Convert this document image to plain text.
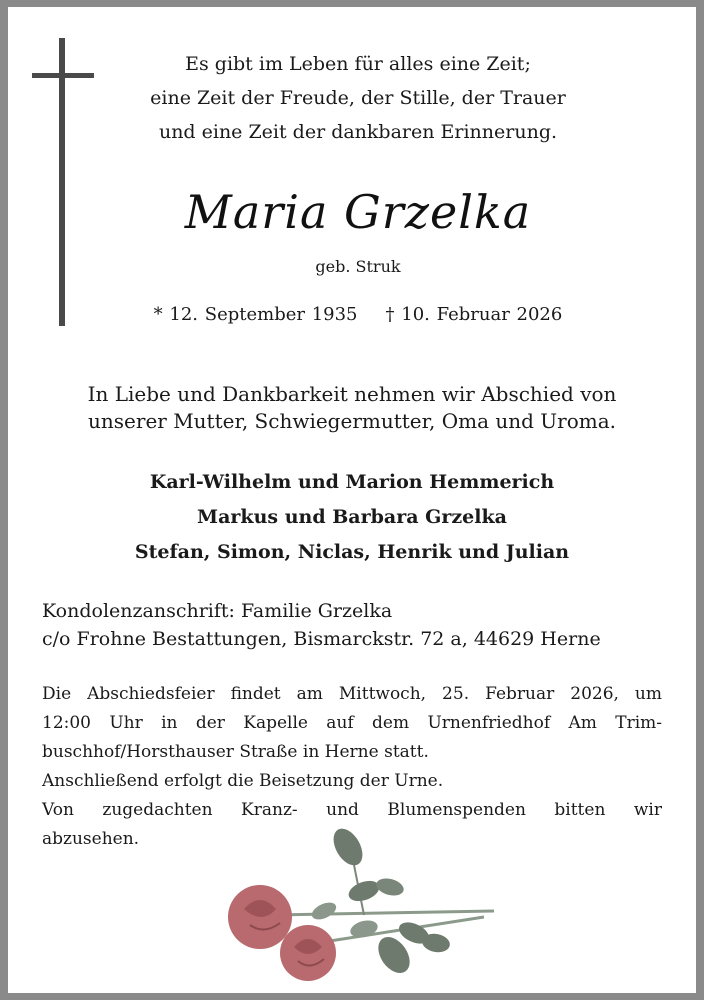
Es gibt im Leben für alles eine Zeit;
eine Zeit der Freude, der Stille, der Trauer
und eine Zeit der dankbaren Erinnerung.
Maria Grzelka
geb. Struk
* 12. September 1935 † 10. Februar 2026
In Liebe und Dankbarkeit nehmen wir Abschied von
unserer Mutter, Schwiegermutter, Oma und Uroma.
Karl-Wilhelm und Marion Hemmerich
Markus und Barbara Grzelka
Stefan, Simon, Niclas, Henrik und Julian
Kondolenzanschrift: Familie Grzelka
c/o Frohne Bestattungen, Bismarckstr. 72 a, 44629 Herne
Die Abschiedsfeier findet am Mittwoch, 25. Februar 2026, um
12:00 Uhr in der Kapelle auf dem Urnenfriedhof Am Trim-
buschhof/Horsthauser Straße in Herne statt.
Anschließend erfolgt die Beisetzung der Urne.
Von zugedachten Kranz- und Blumenspenden bitten wir
abzusehen.
